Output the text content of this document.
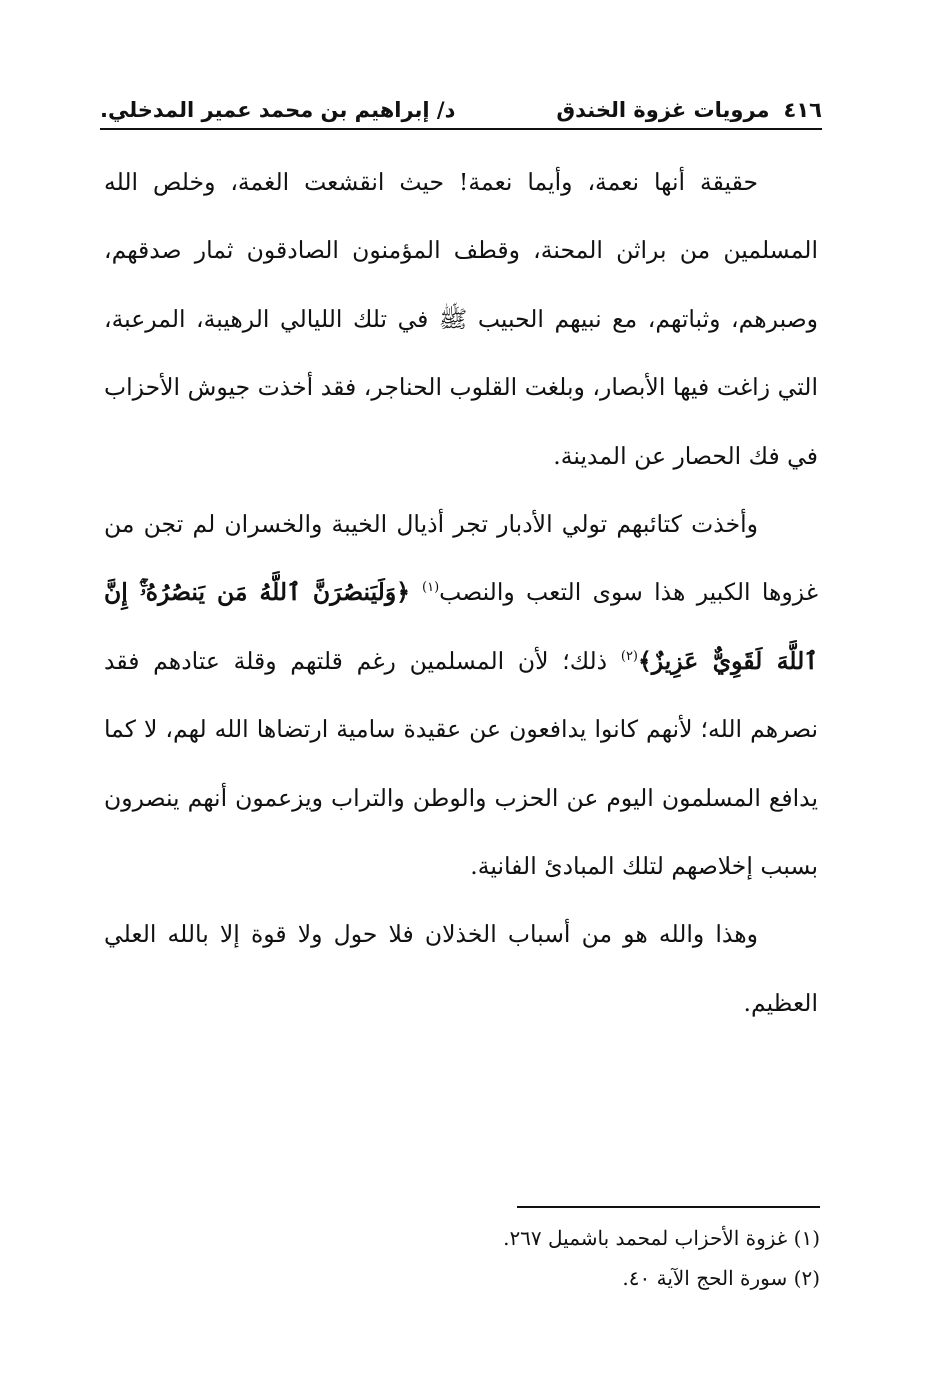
٤١٦مرويات غزوة الخندق
د/ إبراهيم بن محمد عمير المدخلي.

حقيقة أنها نعمة، وأيما نعمة! حيث انقشعت الغمة، وخلص الله المسلمين من براثن المحنة، وقطف المؤمنون الصادقون ثمار صدقهم، وصبرهم، وثباتهم، مع نبيهم الحبيب ﷺ في تلك الليالي الرهيبة، المرعبة، التي زاغت فيها الأبصار، وبلغت القلوب الحناجر، فقد أخذت جيوش الأحزاب في فك الحصار عن المدينة.

وأخذت كتائبهم تولي الأدبار تجر أذيال الخيبة والخسران لم تجن من غزوها الكبير هذا سوى التعب والنصب$^{(١)}$ ﴿وَلَيَنصُرَنَّ ٱللَّهُ مَن يَنصُرُهُۥٓۚ إِنَّ ٱللَّهَ لَقَوِيٌّ عَزِيزٌ﴾$^{(٢)}$ ذلك؛ لأن المسلمين رغم قلتهم وقلة عتادهم فقد نصرهم الله؛ لأنهم كانوا يدافعون عن عقيدة سامية ارتضاها الله لهم، لا كما يدافع المسلمون اليوم عن الحزب والوطن والتراب ويزعمون أنهم ينصرون بسبب إخلاصهم لتلك المبادئ الفانية.

وهذا والله هو من أسباب الخذلان فلا حول ولا قوة إلا بالله العلي العظيم.

(١) غزوة الأحزاب لمحمد باشميل ٢٦٧.
(٢) سورة الحج الآية ٤٠.
